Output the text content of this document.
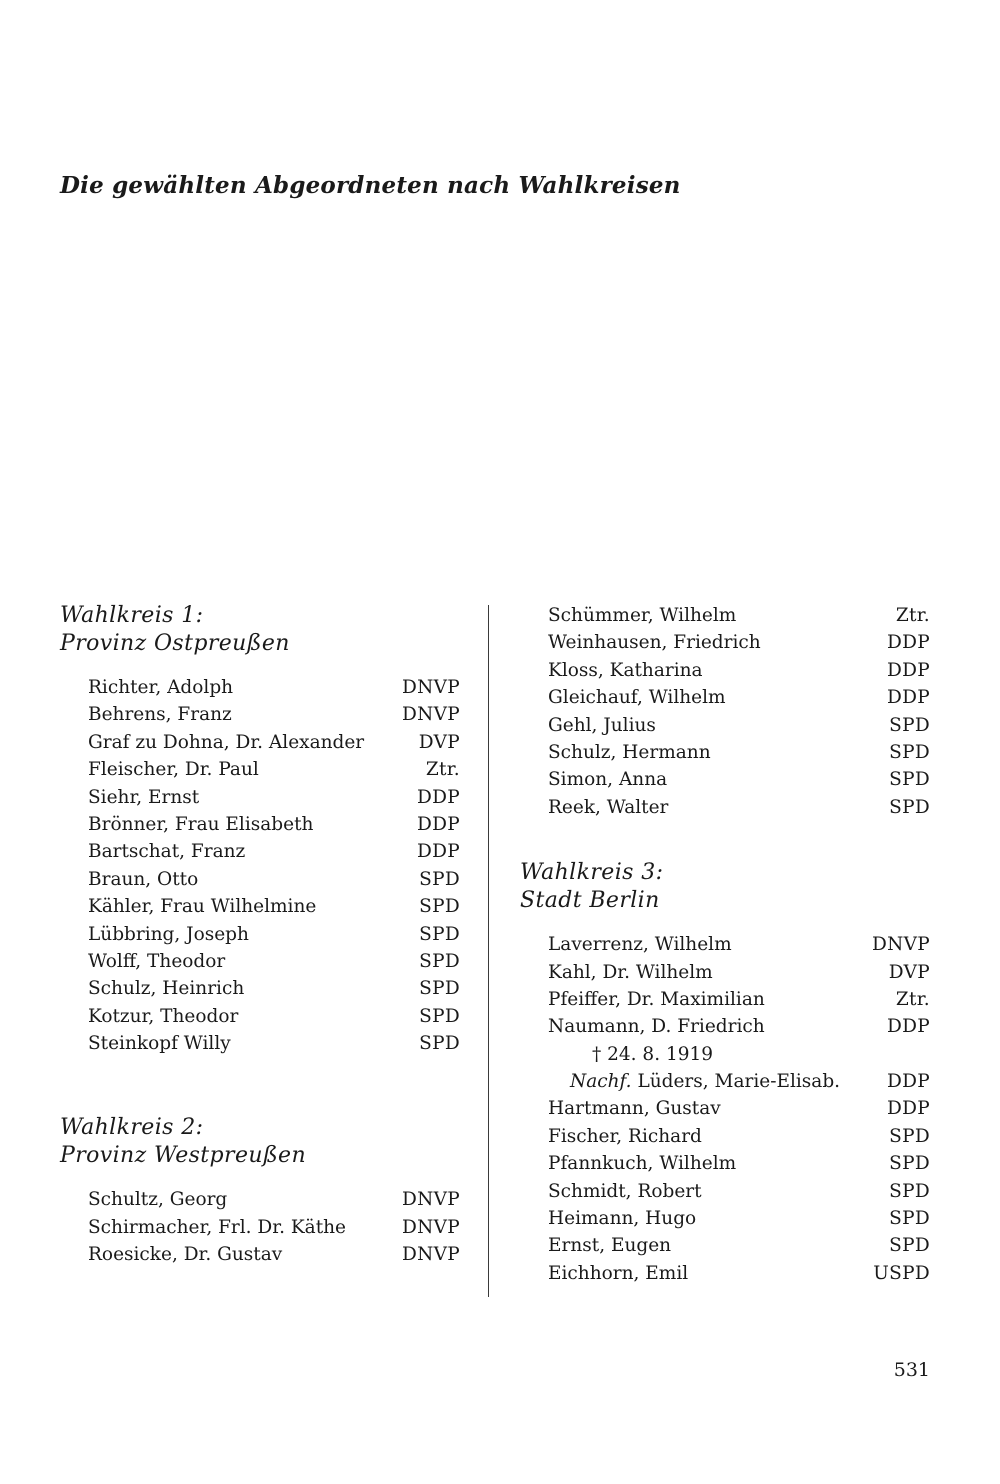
Die gewählten Abgeordneten nach Wahlkreisen
Wahlkreis 1:
Provinz Ostpreußen
Richter, Adolph	DNVP
Behrens, Franz	DNVP
Graf zu Dohna, Dr. Alexander	DVP
Fleischer, Dr. Paul	Ztr.
Siehr, Ernst	DDP
Brönner, Frau Elisabeth	DDP
Bartschat, Franz	DDP
Braun, Otto	SPD
Kähler, Frau Wilhelmine	SPD
Lübbring, Joseph	SPD
Wolff, Theodor	SPD
Schulz, Heinrich	SPD
Kotzur, Theodor	SPD
Steinkopf Willy	SPD
Wahlkreis 2:
Provinz Westpreußen
Schultz, Georg	DNVP
Schirmacher, Frl. Dr. Käthe	DNVP
Roesicke, Dr. Gustav	DNVP
Schümmer, Wilhelm	Ztr.
Weinhausen, Friedrich	DDP
Kloss, Katharina	DDP
Gleichauf, Wilhelm	DDP
Gehl, Julius	SPD
Schulz, Hermann	SPD
Simon, Anna	SPD
Reek, Walter	SPD
Wahlkreis 3:
Stadt Berlin
Laverrenz, Wilhelm	DNVP
Kahl, Dr. Wilhelm	DVP
Pfeiffer, Dr. Maximilian	Ztr.
Naumann, D. Friedrich	DDP
† 24. 8. 1919
Nachf. Lüders, Marie-Elisab.	DDP
Hartmann, Gustav	DDP
Fischer, Richard	SPD
Pfannkuch, Wilhelm	SPD
Schmidt, Robert	SPD
Heimann, Hugo	SPD
Ernst, Eugen	SPD
Eichhorn, Emil	USPD
531
